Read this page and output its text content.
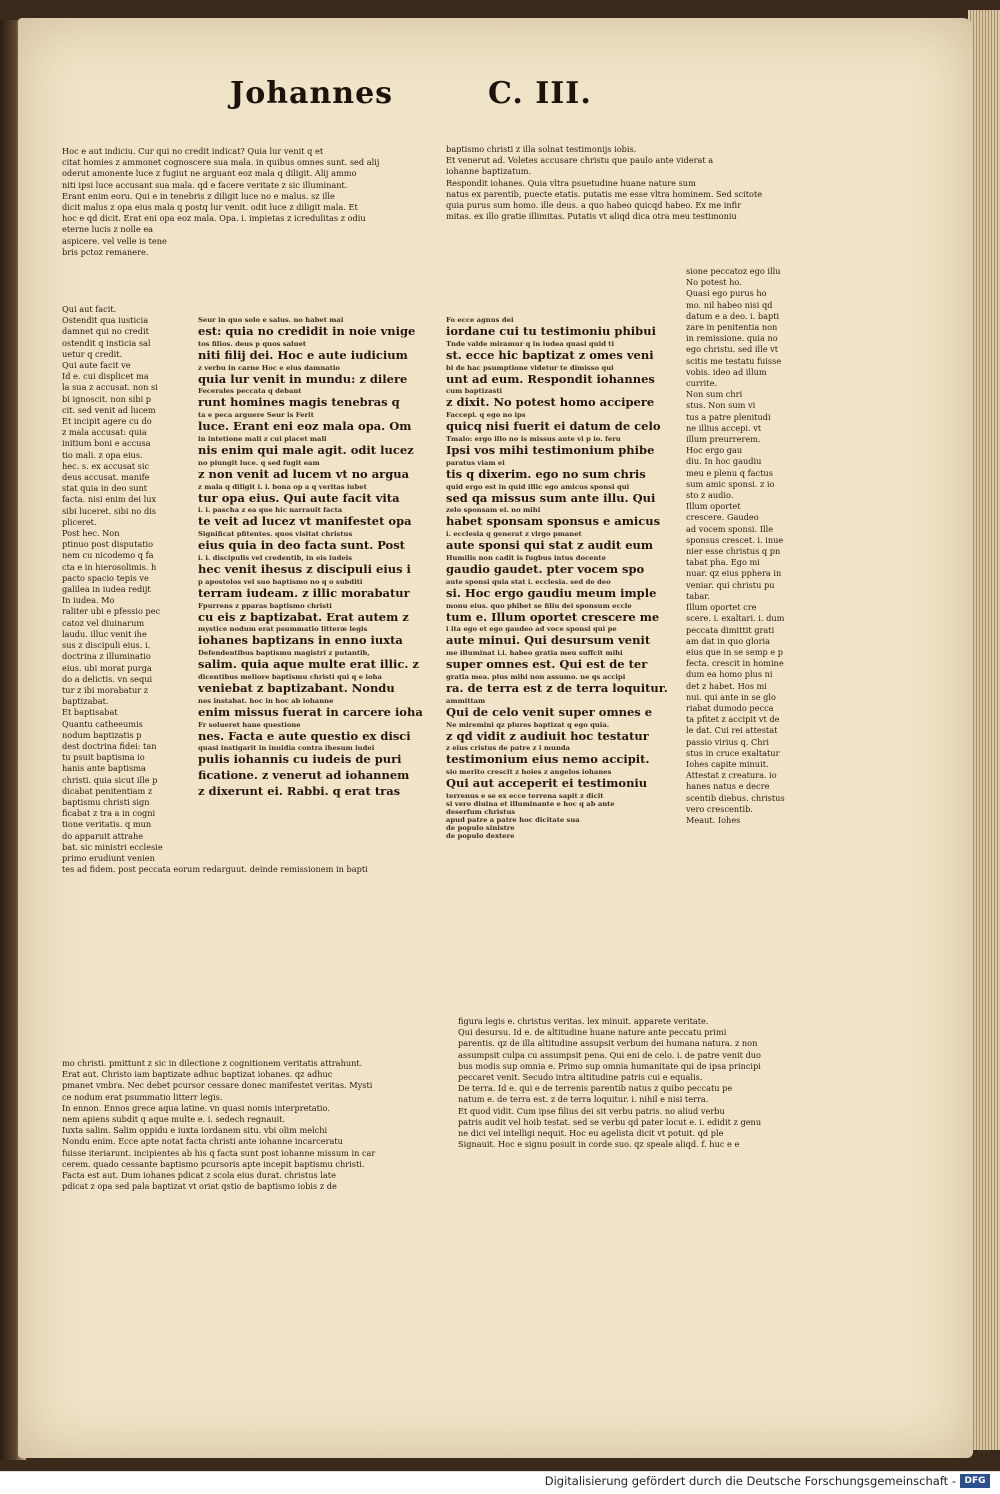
Johannes	C. III.
Hoc e aut indiciu. Cur qui no credit indicat? Quia lur venit q et
citat homies z ammonet cognoscere sua mala. in quibus omnes sunt. sed alij
oderut amonente luce z fugiut ne arguant eoz mala q diligit. Alij ammo
niti ipsi luce accusant sua mala. qd e facere veritate z sic illuminant.
Erant enim eoru. Qui e in tenebris z diligit luce no e malus. sz ille
dicit malus z opa eius mala q postq lur venit. odit luce z diligit mala. Et
hoc e qd dicit. Erat eni opa eoz mala. Opa. i. impietas z icredulitas z odiu
eterne lucis z nolle ea
aspicere. vel velle is tene
bris pctoz remanere.
baptismo christi z illa solnat testimonijs iobis.
Et venerut ad. Voletes accusare christu que paulo ante viderat a
iohanne baptizatum.
Respondit iohanes. Quia vltra psuetudine huane nature sum
natus ex parentib, puecte etatis. putatis me esse vltra hominem. Sed scitote
quia purus sum homo. ille deus. a quo habeo quicqd habeo. Ex me infir
mitas. ex illo gratie illimitas. Putatis vt aliqd dica otra meu testimoniu
Qui aut facit.
Ostendit qua iusticia
damnet qui no credit
ostendit q insticia sal
uetur q credit.
Qui aute facit ve
Id e. cui displicet ma
la sua z accusat. non si
bi ignoscit. non sibi p
cit. sed venit ad lucem
Et incipit agere cu do
z mala accusat: quia
initium boni e accusa
tio mali. z opa eius.
hec. s. ex accusat sic
deus accusat. manife
stat quia in deo sunt
facta. nisi enim dei lux
sibi luceret. sibi no dis
pliceret.
Post hec. Non
ptinuo post disputatio
nem cu nicodemo q fa
cta e in hierosolimis. h
pacto spacio tepis ve
galilea in iudea redijt
In iudea. Mo
raliter ubi e pfessio pec
catoz vel diuinarum
laudu. illuc venit ihe
sus z discipuli eius. i.
doctrina z illuminatio
eius. ubi morat purga
do a delictis. vn sequi
tur z ibi morabatur z
baptizabat.
Et baptisabat
Quantu catheeumis
nodum baptizatis p
dest doctrina fidei: tan
tu psuit baptisma io
hanis ante baptisma
christi. quia sicut ille p
dicabat penitentiam z
baptismu christi sign
ficabat z tra a in cogni
tione veritatis. q mun
do apparuit attrahe
bat. sic ministri ecclesie
primo erudiunt venien
tes ad fidem. post peccata eorum redarguut. deinde remissionem in bapti
Seur in quo solo e salus. no habet mai
est: quia no credidit in noie vnige
tos filios. deus p quos saluet
niti filij dei. Hoc e aute iudicium
z verbu in carne Hoc e eius damnatio
quia lur venit in mundu: z dilere
Fecerales peccata q debant
runt homines magis tenebras q
ta e peca arguere Seur is Ferit
luce. Erant eni eoz mala opa. Om
in intetione mali z cui placet mali
nis enim qui male agit. odit lucez
no piungit luce. q sed fugit eam
z non venit ad lucem vt no argua
z mala q diligit i. i. bona op a q veritas iubet
tur opa eius. Qui aute facit vita
i. i. pascha z ea que hic narrauit facta
te veit ad lucez vt manifestet opa
Significat pfitentes. quos visitat christus
eius quia in deo facta sunt. Post
i. i. discipulis vel credentib, in eis iudeis
hec venit ihesus z discipuli eius i
p apostolos vel suo baptismo no q o subditi
terram iudeam. z illic morabatur
Fpurrens z pparas baptismo christi
cu eis z baptizabat. Erat autem z
mystice nodum erat psummatio litteræ legis
iohanes baptizans in enno iuxta
Defendentibus baptismu magistri z putantib,
salim. quia aque multe erat illic. z
dicentibus meliore baptismu christi qui q e ioha
veniebat z baptizabant. Nondu
nes instabat. hoc in hoc ab iohanne
enim missus fuerat in carcere ioha
Fr solueret hane questione
nes. Facta e aute questio ex disci
quasi instigarit in inuidia contra ihesum iudei
pulis iohannis cu iudeis de puri
ficatione. z venerut ad iohannem
z dixerunt ei. Rabbi. q erat tras
Fo ecce agnus dei
iordane cui tu testimoniu phibui
Tnde valde miramur q in iudea quasi quid ti
st. ecce hic baptizat z omes veni
bi de hac psumptione videtur te dimisso qui
unt ad eum. Respondit iohannes
cum baptizasti
z dixit. No potest homo accipere
Faccepi. q ego no ips
quicq nisi fuerit ei datum de celo
Tmalo: ergo illo no is missus ante vi p io. feru
Ipsi vos mihi testimonium phibe
paratus viam ei
tis q dixerim. ego no sum chris
quid ergo est in quid illic ego amicus sponsi qui
sed qa missus sum ante illu. Qui
zelo sponsam ei. no mihi
habet sponsam sponsus e amicus
i. ecclesia q generat z virgo pmanet
aute sponsi qui stat z audit eum
Humilis non cadit is fugbus intus docente
gaudio gaudet. pter vocem spo
aute sponsi quia stat i. ecclesia. sed de deo
si. Hoc ergo gaudiu meum imple
monu eius. quo phibet se filiu dei sponsum eccle
tum e. Illum oportet crescere me
i ita ego et ego gaudeo ad voce sponsi qui pe
aute minui. Qui desursum venit
me illuminat i.i. habeo gratia meu suffcit mihi
super omnes est. Qui est de ter
gratia mea. plus mihi non assumo. ne qs accipi
ra. de terra est z de terra loquitur.
ammittam
Qui de celo venit super omnes e
Ne miremini qz plures baptizat q ego quia.
z qd vidit z audiuit hoc testatur
z eius cristus de patre z i munda
testimonium eius nemo accipit.
sio merito crescit z hoies z angelos iohanes
Qui aut acceperit ei testimoniu
terrenus e se ex ecce terrena sapit z dicit
si vero diuina et illuminante e hoc q ab ante
deserfum christus
apud patre a patre hoc dicitate sua
de populo sinistre
de populo dextere
sione peccatoz ego illu
No potest ho.
Quasi ego purus ho
mo. nil habeo nisi qd
datum e a deo. i. bapti
zare in penitentia non
in remissione. quia no
ego christu. sed ille vt
scitis me testatu fuisse
vobis. ideo ad illum
currite.
Non sum chri
stus. Non sum vi
tus a patre plenitudi
ne illius accepi. vt
illum preurrerem.
Hoc ergo gau
diu. In hoc gaudiu
meu e plenu q factus
sum amic sponsi. z io
sto z audio.
Illum oportet
crescere. Gaudeo
ad vocem sponsi. Ille
sponsus crescet. i. inue
nier esse christus q pn
tabat pha. Ego mi
nuar. qz eius pphera in
veniar. qui christu pu
tabar.
Illum oportet cre
scere. i. exaltari. i. dum
peccata dimittit grati
am dat in quo gloria
eius que in se semp e p
fecta. crescit in homine
dum ea homo plus ni
det z habet. Hos mi
nui. qui ante in se glo
riabat dumodo pecca
ta pfitet z accipit vt de
le dat. Cui rei attestat
passio virius q. Chri
stus in cruce exaltatur
Iohes capite minuit.
Attestat z creatura. io
hanes natus e decre
scentib diebus. christus
vero crescentib.
Meaut. Iohes
mo christi. pmittunt z sic in dilectione z cognitionem veritatis attrahunt.
Erat aut. Christo iam baptizate adhuc baptizat iohanes. qz adhuc
pmanet vmbra. Nec debet pcursor cessare donec manifestet veritas. Mysti
ce nodum erat psummatio litterr legis.
In ennon. Ennos grece aqua latine. vn quasi nomis interpretatio.
nem apiens subdit q aque multe e. i. sedech regnauit.
Iuxta salim. Salim oppidu e iuxta iordanem situ. vbi olim melchi
Nondu enim. Ecce apte notat facta christi ante iohanne incarceratu
fuisse iteriarunt. incipientes ab his q facta sunt post iohanne missum in car
cerem. quado cessante baptismo pcursoris apte incepit baptismu christi.
Facta est aut. Dum iohanes pdicat z scola eius durat. christus late
pdicat z opa sed pala baptizat vt oriat qstio de baptismo iobis z de
figura legis e. christus veritas. lex minuit. apparete veritate.
Qui desursu. Id e. de altitudine huane nature ante peccatu primi
parentis. qz de illa altitudine assupsit verbum dei humana natura. z non
assumpsit culpa cu assumpsit pena. Qui eni de celo. i. de patre venit duo
bus modis sup omnia e. Primo sup omnia humanitate qui de ipsa principi
peccaret venit. Secudo intra altitudine patris cui e equalis.
De terra. Id e. qui e de terrenis parentib natus z quibo peccatu pe
natum e. de terra est. z de terra loquitur. i. nihil e nisi terra.
Et quod vidit. Cum ipse filius dei sit verbu patris. no aliud verbu
patris audit vel hoib testat. sed se verbu qd pater locut e. i. edidit z genu
ne dici vel intelligi nequit. Hoc eu agelista dicit vt potuit. qd ple
Signauit. Hoc e signu posuit in corde suo. qz speale aliqd. f. huc e e
Digitalisierung gefördert durch die Deutsche Forschungsgemeinschaft - DFG
